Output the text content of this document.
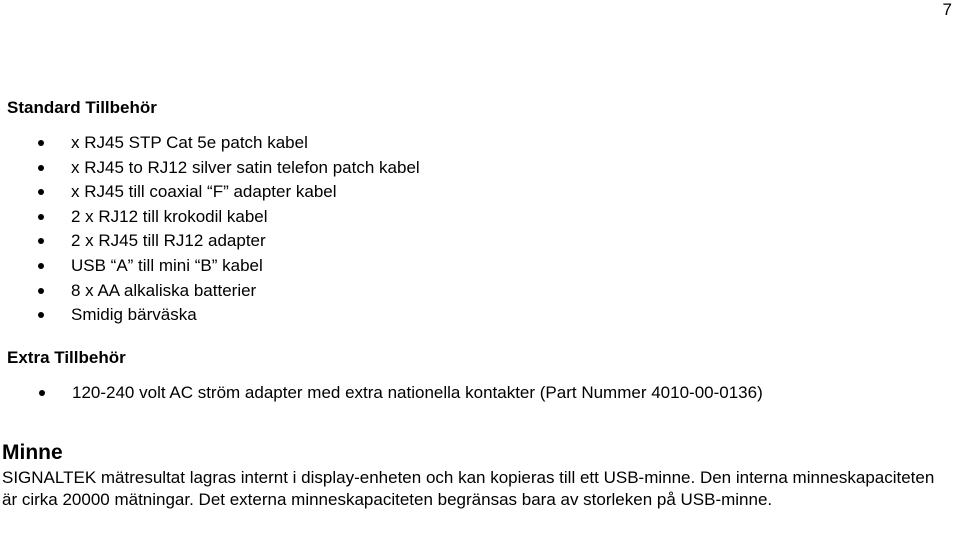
7
Standard Tillbehör
x RJ45 STP Cat 5e patch kabel
x RJ45 to RJ12 silver satin telefon patch kabel
x RJ45 till coaxial “F” adapter kabel
2 x RJ12 till krokodil kabel
2 x RJ45 till RJ12 adapter
USB “A” till mini “B” kabel
8 x AA alkaliska batterier
Smidig bärväska
Extra Tillbehör
120-240 volt AC ström adapter med extra nationella kontakter (Part Nummer 4010-00-0136)
Minne
SIGNALTEK mätresultat lagras internt i display-enheten och kan kopieras till ett USB-minne. Den interna minneskapaciteten är cirka 20000 mätningar. Det externa minneskapaciteten begränsas bara av storleken på USB-minne.
